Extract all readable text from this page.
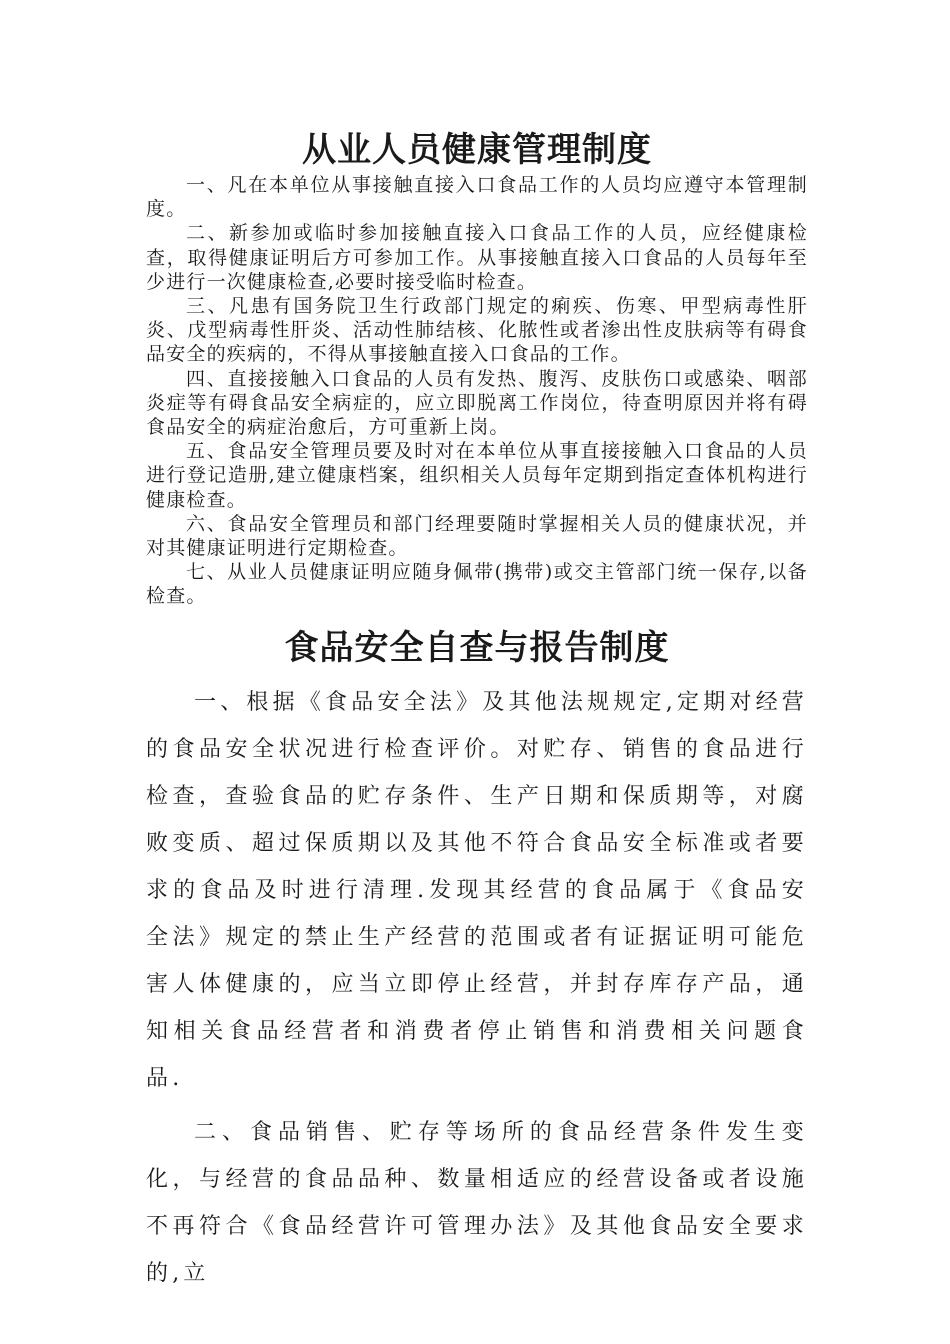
从业人员健康管理制度

一、凡在本单位从事接触直接入口食品工作的人员均应遵守本管理制度。

二、新参加或临时参加接触直接入口食品工作的人员，应经健康检查，取得健康证明后方可参加工作。从事接触直接入口食品的人员每年至少进行一次健康检查,必要时接受临时检查。

三、凡患有国务院卫生行政部门规定的痢疾、伤寒、甲型病毒性肝炎、戊型病毒性肝炎、活动性肺结核、化脓性或者渗出性皮肤病等有碍食品安全的疾病的，不得从事接触直接入口食品的工作。

四、直接接触入口食品的人员有发热、腹泻、皮肤伤口或感染、咽部炎症等有碍食品安全病症的，应立即脱离工作岗位，待查明原因并将有碍食品安全的病症治愈后，方可重新上岗。

五、食品安全管理员要及时对在本单位从事直接接触入口食品的人员进行登记造册,建立健康档案，组织相关人员每年定期到指定查体机构进行健康检查。

六、食品安全管理员和部门经理要随时掌握相关人员的健康状况，并对其健康证明进行定期检查。

七、从业人员健康证明应随身佩带(携带)或交主管部门统一保存,以备检查。

食品安全自查与报告制度

一、根据《食品安全法》及其他法规规定,定期对经营的食品安全状况进行检查评价。对贮存、销售的食品进行检查，查验食品的贮存条件、生产日期和保质期等，对腐败变质、超过保质期以及其他不符合食品安全标准或者要求的食品及时进行清理.发现其经营的食品属于《食品安全法》规定的禁止生产经营的范围或者有证据证明可能危害人体健康的，应当立即停止经营，并封存库存产品，通知相关食品经营者和消费者停止销售和消费相关问题食品.

二、食品销售、贮存等场所的食品经营条件发生变化，与经营的食品品种、数量相适应的经营设备或者设施不再符合《食品经营许可管理办法》及其他食品安全要求的,立
